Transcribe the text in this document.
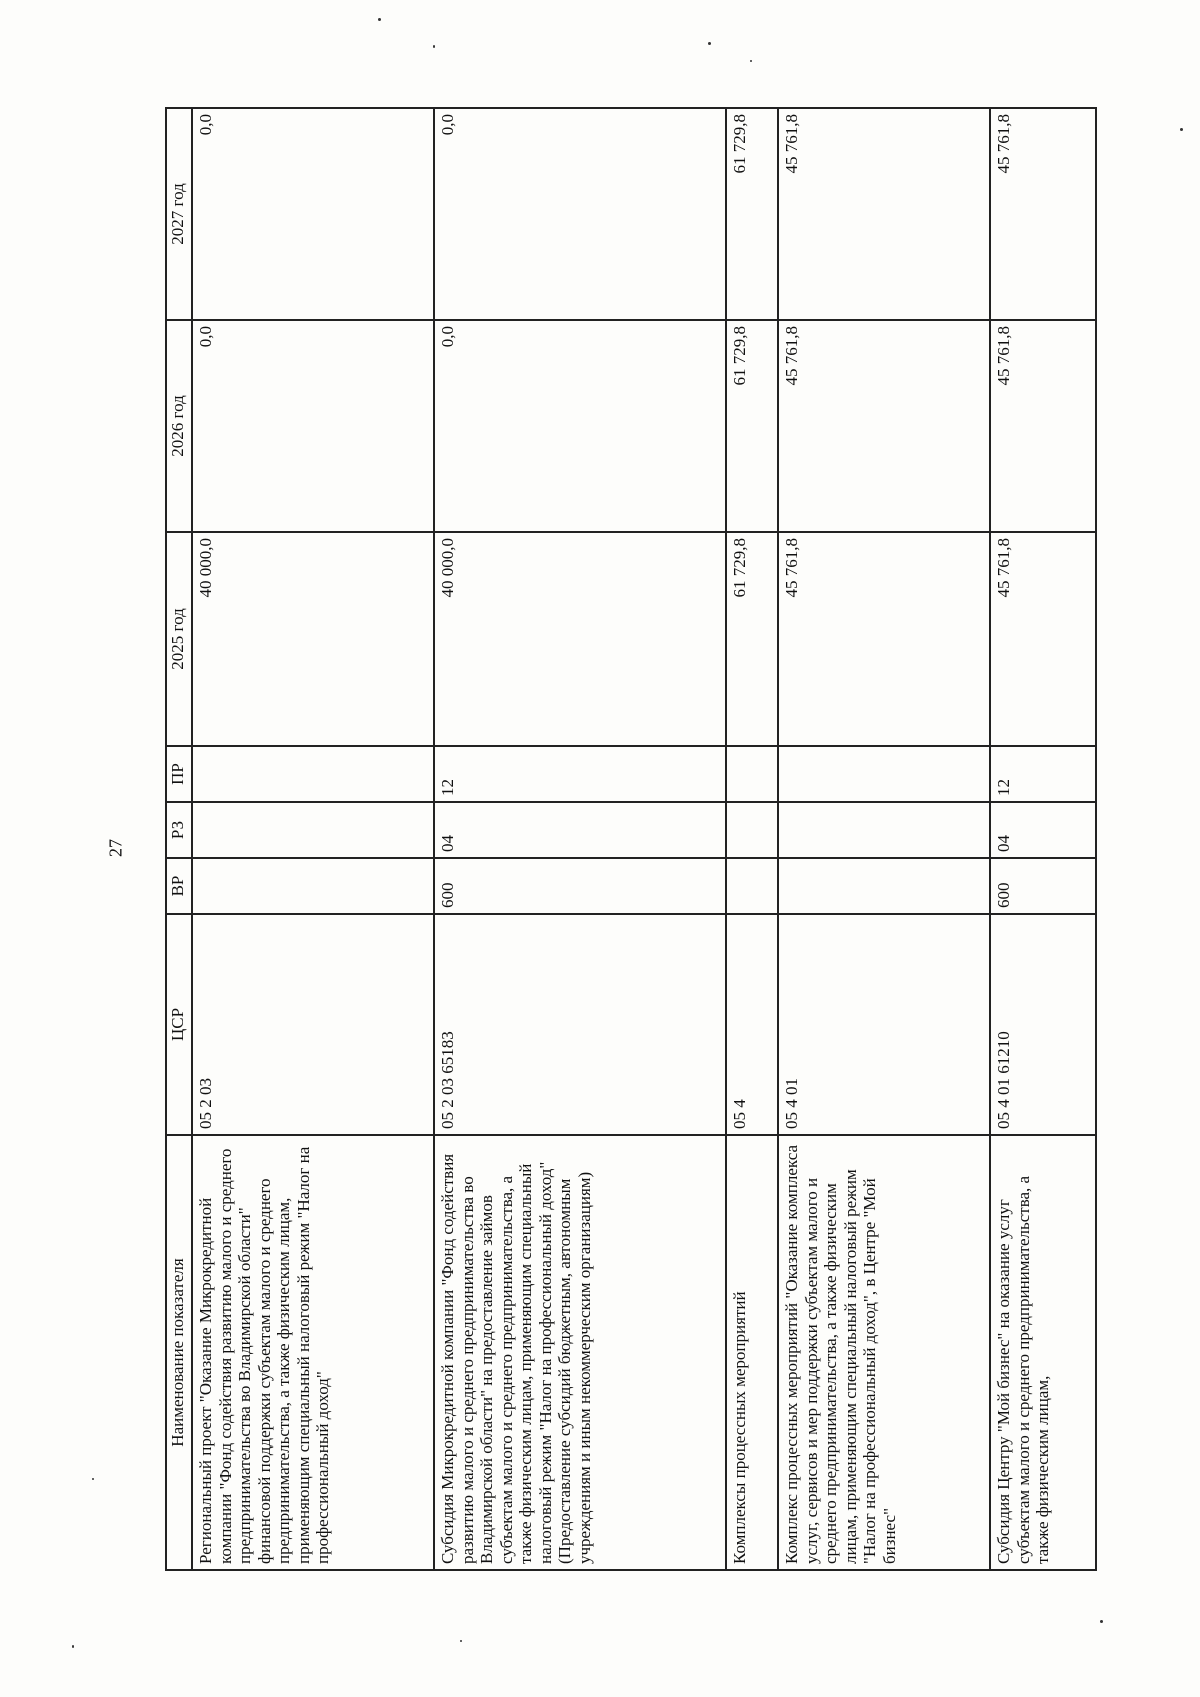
27
Наименование показателя	ЦСР	ВР	РЗ	ПР	2025 год	2026 год	2027 год
Региональный проект "Оказание Микрокредитной компании "Фонд содействия развитию малого и среднего предпринимательства во Владимирской области" финансовой поддержки субъектам малого и среднего предпринимательства, а также физическим лицам, применяющим специальный налоговый режим "Налог на профессиональный доход"	05 2 03				40 000,0	0,0	0,0
Субсидия Микрокредитной компании "Фонд содействия развитию малого и среднего предпринимательства во Владимирской области" на предоставление займов субъектам малого и среднего предпринимательства, а также физическим лицам, применяющим специальный налоговый режим "Налог на профессиональный доход" (Предоставление субсидий бюджетным, автономным учреждениям и иным некоммерческим организациям)	05 2 03 65183	600	04	12	40 000,0	0,0	0,0
Комплексы процессных мероприятий	05 4				61 729,8	61 729,8	61 729,8
Комплекс процессных мероприятий "Оказание комплекса услуг, сервисов и мер поддержки субъектам малого и среднего предпринимательства, а также физическим лицам, применяющим специальный налоговый режим "Налог на профессиональный доход", в Центре "Мой бизнес"	05 4 01				45 761,8	45 761,8	45 761,8
Субсидия Центру "Мой бизнес" на оказание услуг субъектам малого и среднего предпринимательства, а также физическим лицам,	05 4 01 61210	600	04	12	45 761,8	45 761,8	45 761,8
